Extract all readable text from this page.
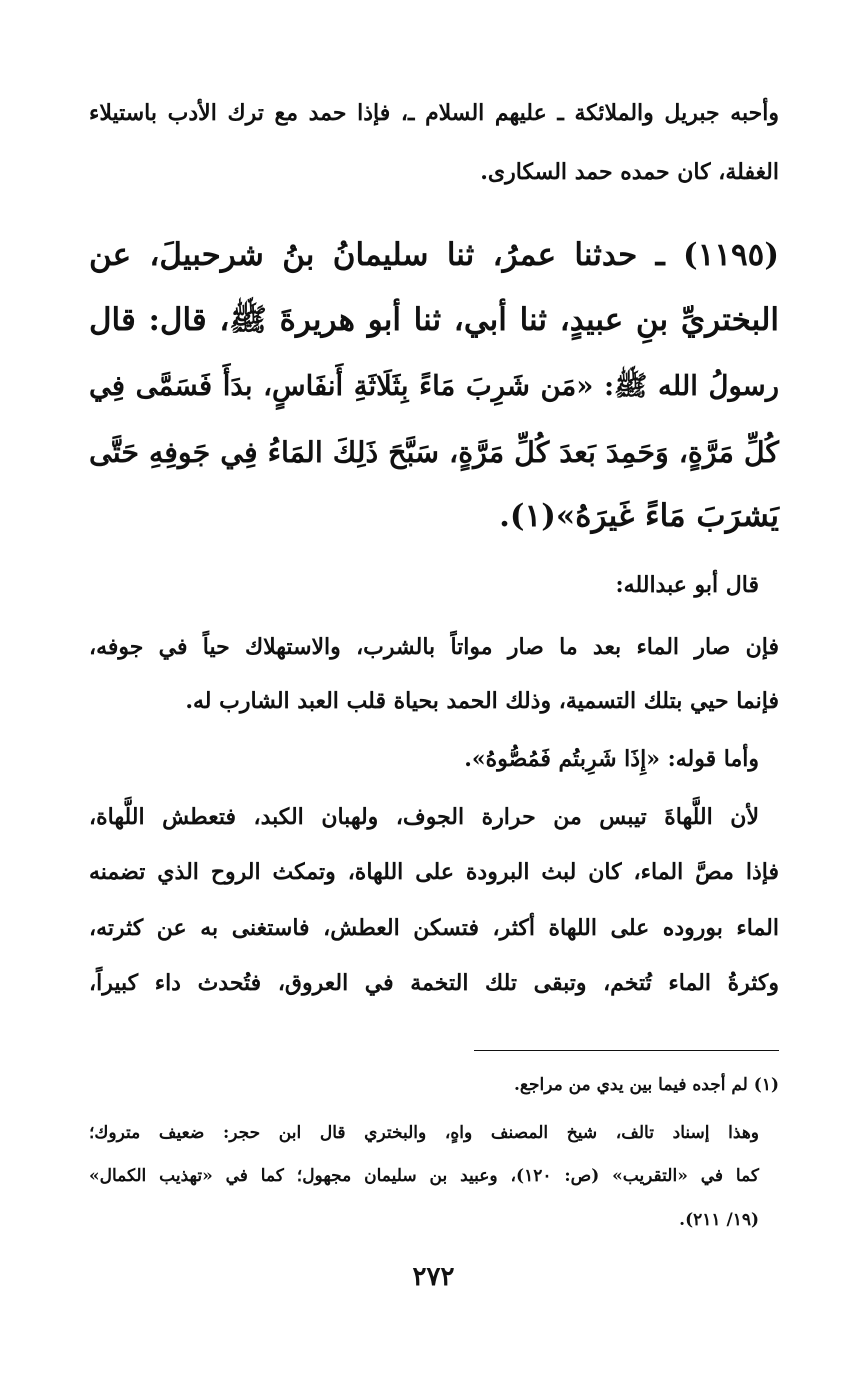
وأحبه جبريل والملائكة ـ عليهم السلام ـ، فإذا حمد مع ترك الأدب باستيلاء
الغفلة، كان حمده حمد السكارى.
(١١٩٥) ـ حدثنا عمرُ، ثنا سليمانُ بنُ شرحبيلَ، عن
البختريِّ بنِ عبيدٍ، ثنا أبي، ثنا أبو هريرةَ ﷺ، قال: قال
رسولُ الله ﷺ: «مَن شَرِبَ مَاءً بِثَلَاثَةِ أَنفَاسٍ، بدَأَ فَسَمَّى فِي
كُلِّ مَرَّةٍ، وَحَمِدَ بَعدَ كُلِّ مَرَّةٍ، سَبَّحَ ذَلِكَ المَاءُ فِي جَوفِهِ حَتَّى
يَشرَبَ مَاءً غَيرَهُ»(١).
قال أبو عبدالله:
فإن صار الماء بعد ما صار مواتاً بالشرب، والاستهلاك حياً في جوفه،
فإنما حيي بتلك التسمية، وذلك الحمد بحياة قلب العبد الشارب له.
وأما قوله: «إِذَا شَرِبتُم فَمُصُّوهُ».
لأن اللَّهاةَ تيبس من حرارة الجوف، ولهبان الكبد، فتعطش اللَّهاة،
فإذا مصَّ الماء، كان لبث البرودة على اللهاة، وتمكث الروح الذي تضمنه
الماء بوروده على اللهاة أكثر، فتسكن العطش، فاستغنى به عن كثرته،
وكثرةُ الماء تُتخم، وتبقى تلك التخمة في العروق، فتُحدث داء كبيراً،
(١) لم أجده فيما بين يدي من مراجع.
وهذا إسناد تالف، شيخ المصنف واهٍ، والبختري قال ابن حجر: ضعيف متروك؛
كما في «التقريب» (ص: ١٢٠)، وعبيد بن سليمان مجهول؛ كما في «تهذيب الكمال»
(١٩/ ٢١١).
٢٧٢
